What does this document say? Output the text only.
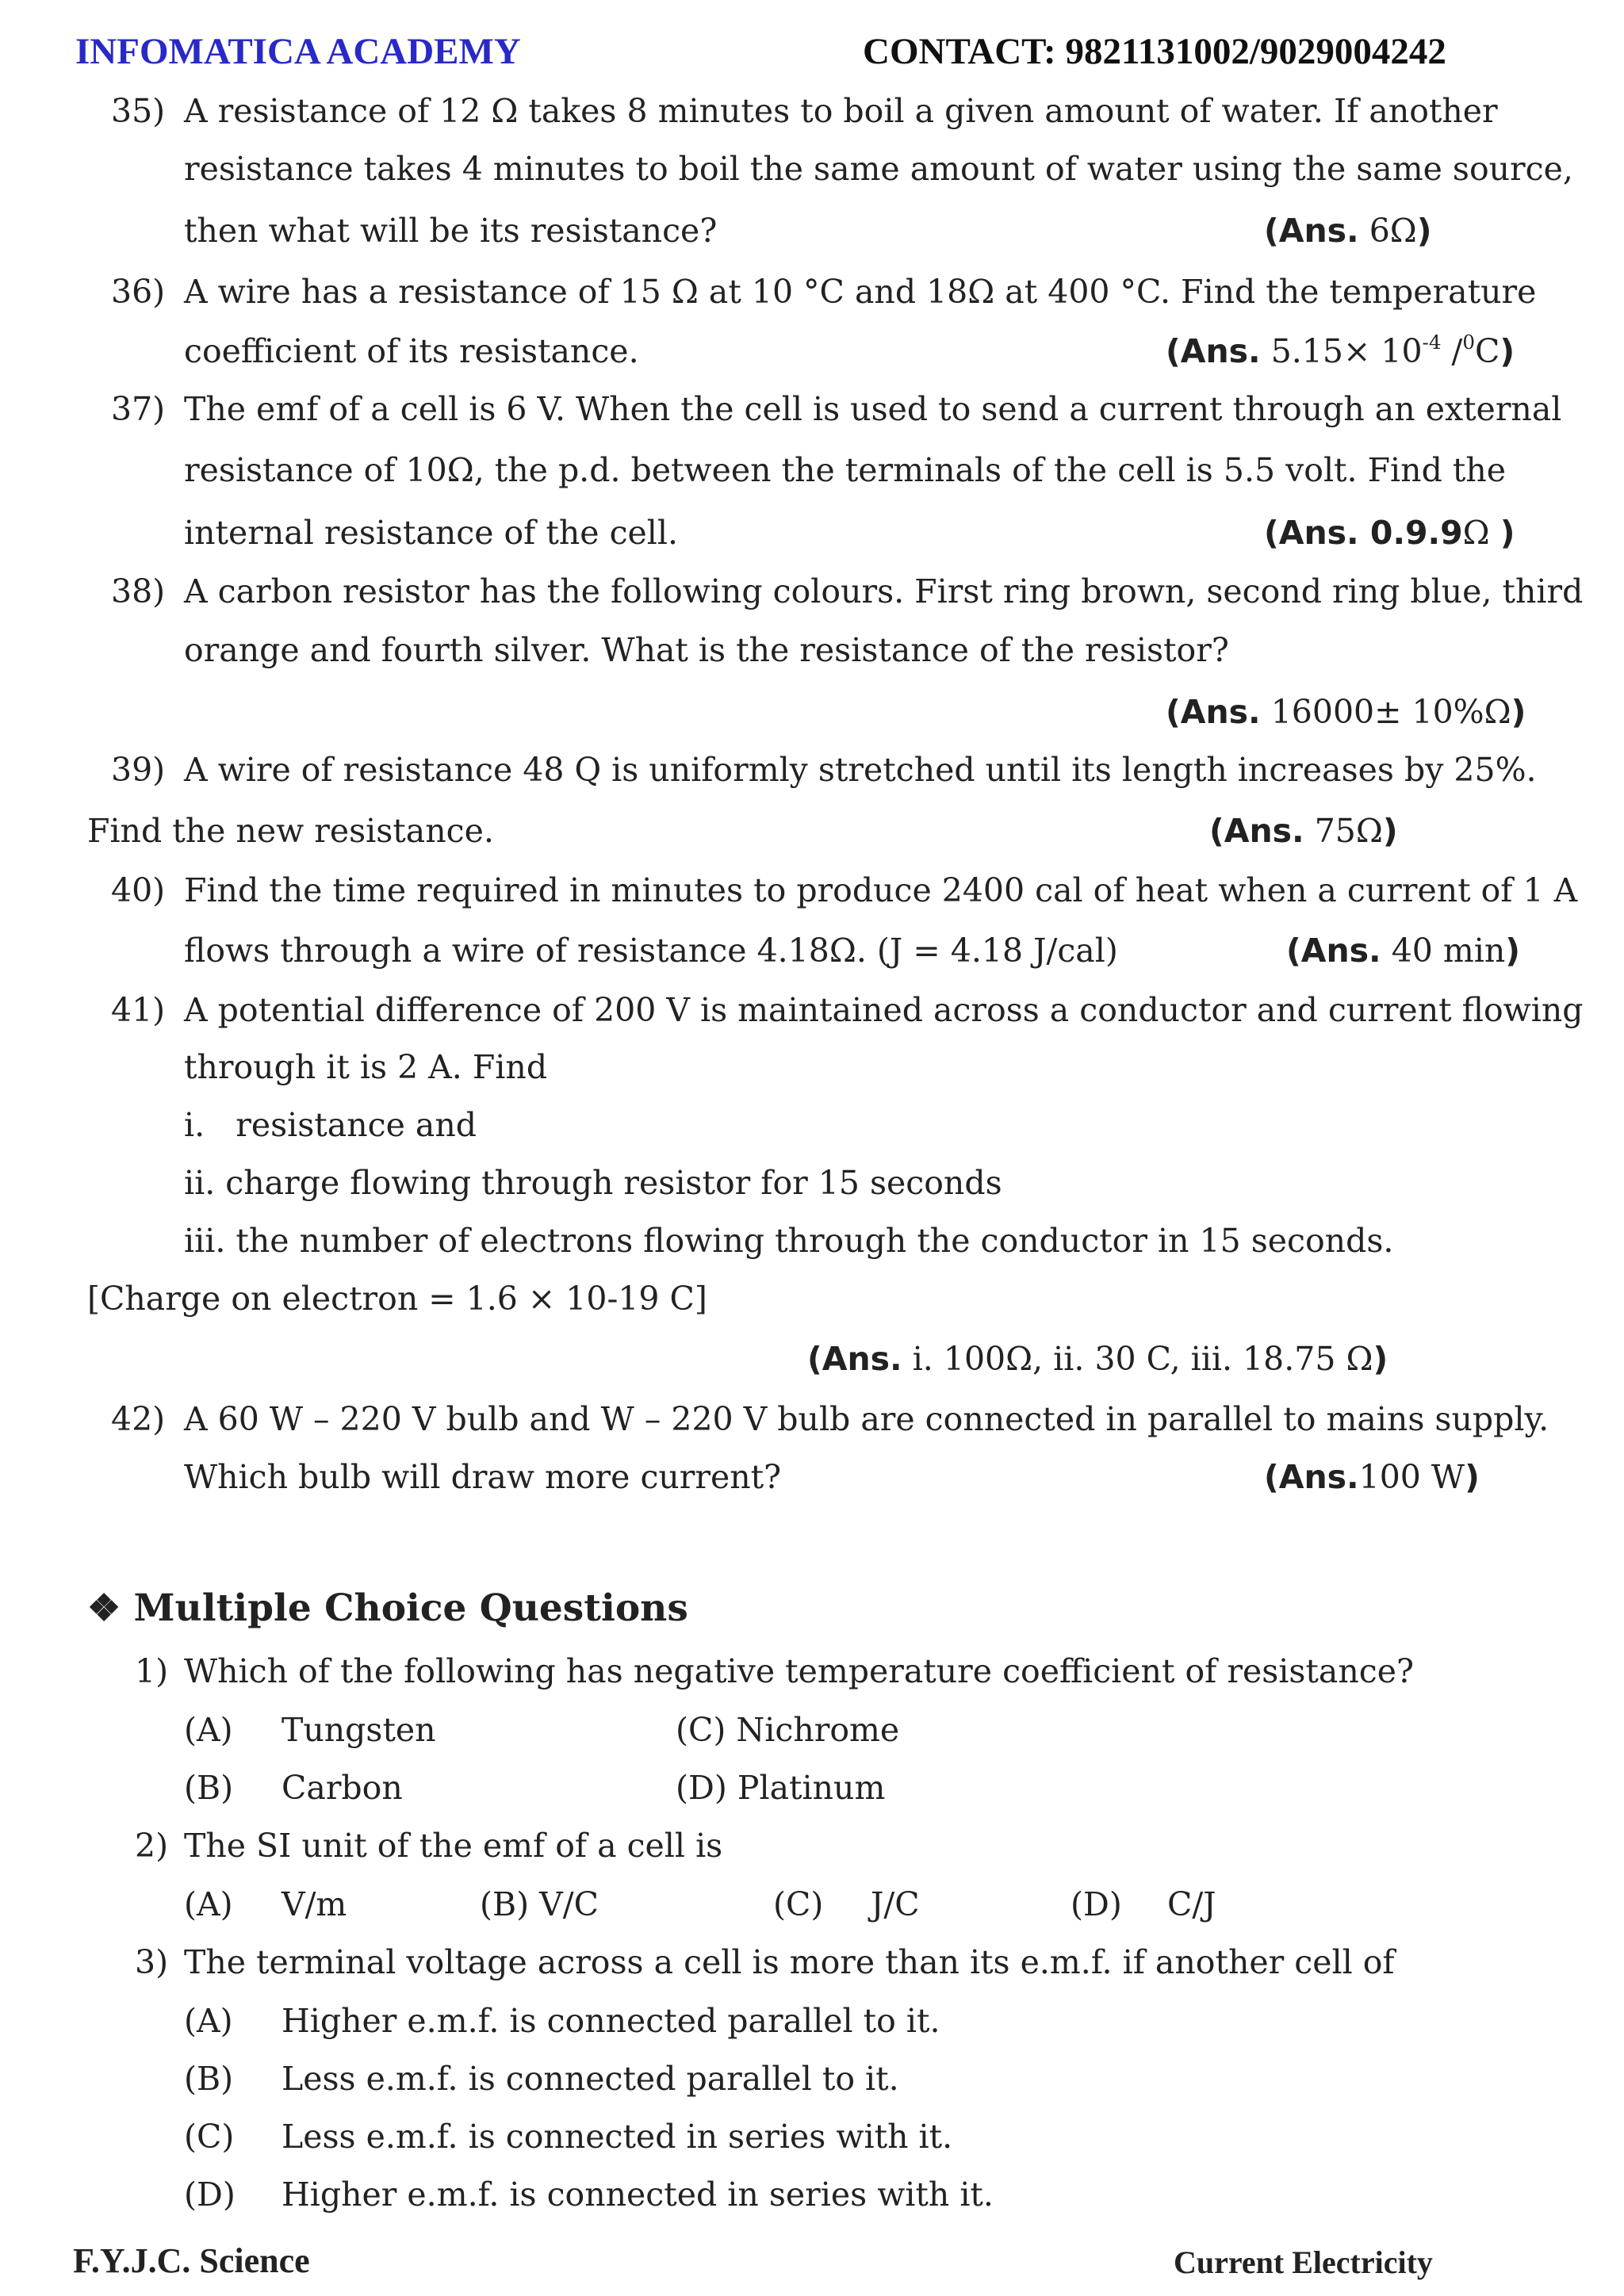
INFOMATICA ACADEMY	CONTACT: 9821131002/9029004242
35) A resistance of 12 Ω takes 8 minutes to boil a given amount of water. If another
resistance takes 4 minutes to boil the same amount of water using the same source,
then what will be its resistance?	(Ans. 6Ω)
36) A wire has a resistance of 15 Ω at 10 °C and 18Ω at 400 °C. Find the temperature
coefficient of its resistance.	(Ans. $5.15\times 10^{-4}$ /$^0$C)
37) The emf of a cell is 6 V. When the cell is used to send a current through an external
resistance of 10Ω, the p.d. between the terminals of the cell is 5.5 volt. Find the
internal resistance of the cell.	(Ans. 0.9.9Ω )
38) A carbon resistor has the following colours. First ring brown, second ring blue, third
orange and fourth silver. What is the resistance of the resistor?
(Ans. 16000± 10%Ω)
39) A wire of resistance 48 Q is uniformly stretched until its length increases by 25%.
Find the new resistance.	(Ans. 75Ω)
40) Find the time required in minutes to produce 2400 cal of heat when a current of 1 A
flows through a wire of resistance 4.18Ω. (J = 4.18 J/cal)	(Ans. 40 min)
41) A potential difference of 200 V is maintained across a conductor and current flowing
through it is 2 A. Find
i.   resistance and
ii. charge flowing through resistor for 15 seconds
iii. the number of electrons flowing through the conductor in 15 seconds.
[Charge on electron = 1.6 × 10-19 C]
(Ans. i. 100Ω, ii. 30 C, iii. 18.75 Ω)
42) A 60 W – 220 V bulb and W – 220 V bulb are connected in parallel to mains supply.
Which bulb will draw more current?	(Ans.100 W)
❖ Multiple Choice Questions
1) Which of the following has negative temperature coefficient of resistance?
(A) Tungsten	(C) Nichrome
(B) Carbon	(D) Platinum
2) The SI unit of the emf of a cell is
(A) V/m	(B) V/C	(C) J/C	(D) C/J
3) The terminal voltage across a cell is more than its e.m.f. if another cell of
(A) Higher e.m.f. is connected parallel to it.
(B) Less e.m.f. is connected parallel to it.
(C) Less e.m.f. is connected in series with it.
(D) Higher e.m.f. is connected in series with it.
F.Y.J.C. Science	Current Electricity
